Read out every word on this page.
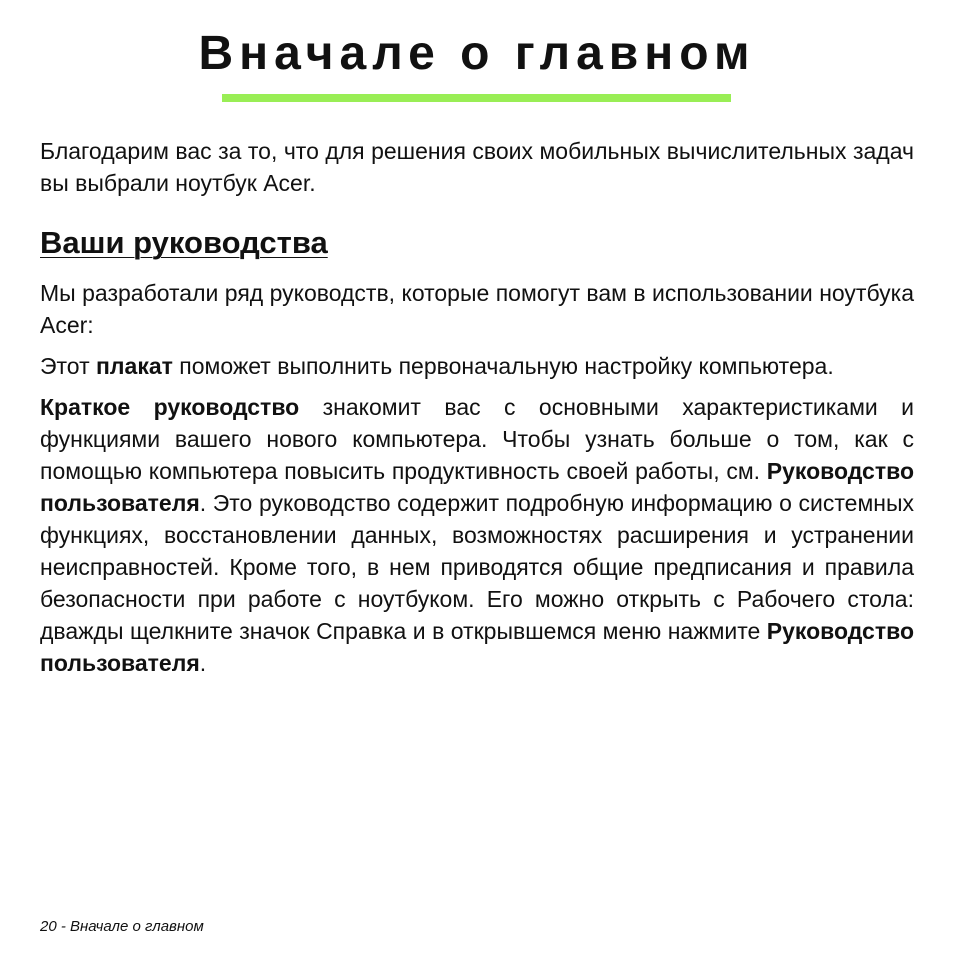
Вначале о главном

Благодарим вас за то, что для решения своих мобильных вычислительных задач вы выбрали ноутбук Acer.

Ваши руководства

Мы разработали ряд руководств, которые помогут вам в использовании ноутбука Acer:

Этот плакат поможет выполнить первоначальную настройку компьютера.

Краткое руководство знакомит вас с основными характеристиками и функциями вашего нового компьютера. Чтобы узнать больше о том, как с помощью компьютера повысить продуктивность своей работы, см. Руководство пользователя. Это руководство содержит подробную информацию о системных функциях, восстановлении данных, возможностях расширения и устранении неисправностей. Кроме того, в нем приводятся общие предписания и правила безопасности при работе с ноутбуком. Его можно открыть с Рабочего стола: дважды щелкните значок Справка и в открывшемся меню нажмите Руководство пользователя.

20 - Вначале о главном
